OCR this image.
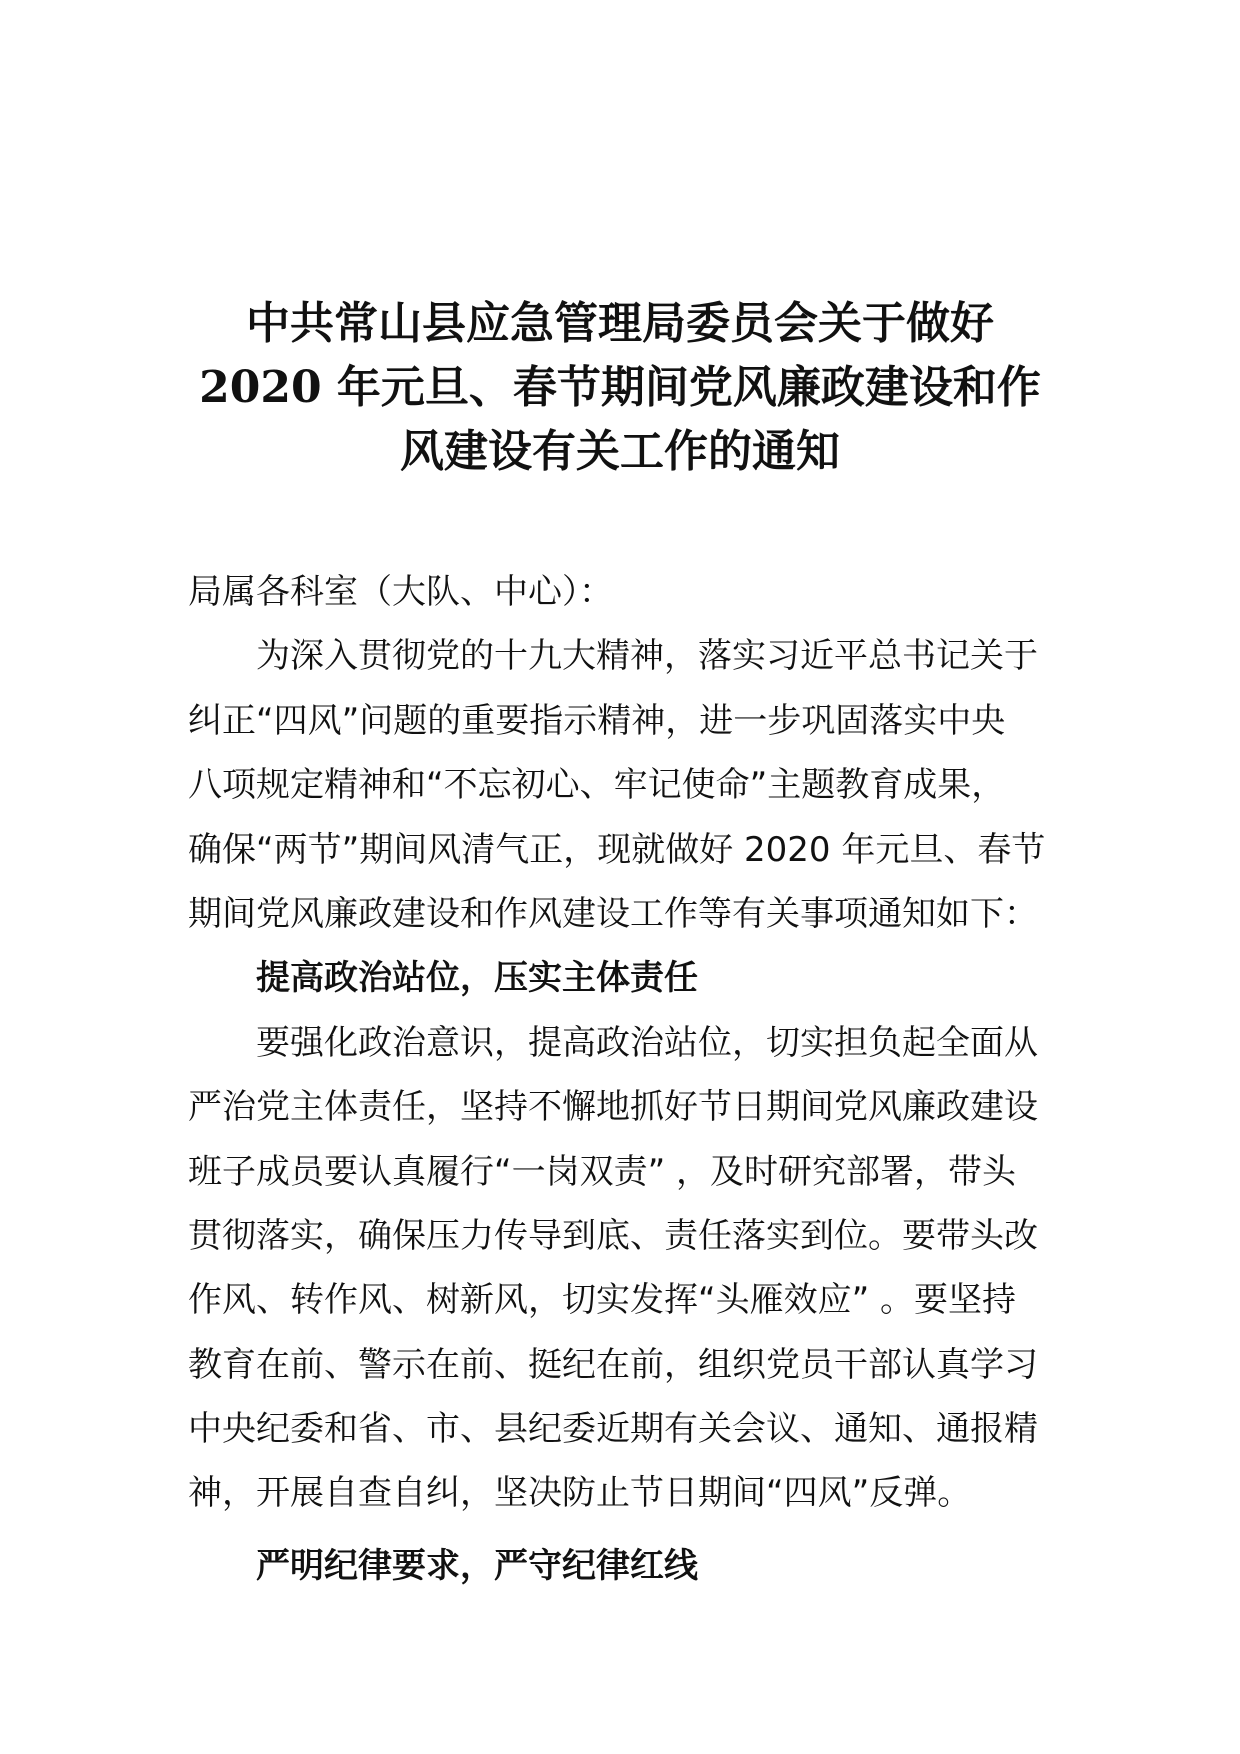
中共常山县应急管理局委员会关于做好
2020 年元旦、春节期间党风廉政建设和作
风建设有关工作的通知
局属各科室（大队、中心）：
为深入贯彻党的十九大精神，落实习近平总书记关于
纠正“四风”问题的重要指示精神，进一步巩固落实中央
八项规定精神和“不忘初心、牢记使命”主题教育成果，
确保“两节”期间风清气正，现就做好 2020 年元旦、春节
期间党风廉政建设和作风建设工作等有关事项通知如下：
提高政治站位，压实主体责任
要强化政治意识，提高政治站位，切实担负起全面从
严治党主体责任，坚持不懈地抓好节日期间党风廉政建设
班子成员要认真履行“一岗双责” ，及时研究部署，带头
贯彻落实，确保压力传导到底、责任落实到位。要带头改
作风、转作风、树新风，切实发挥“头雁效应” 。要坚持
教育在前、警示在前、挺纪在前，组织党员干部认真学习
中央纪委和省、市、县纪委近期有关会议、通知、通报精
神，开展自查自纠，坚决防止节日期间“四风”反弹。
严明纪律要求，严守纪律红线
